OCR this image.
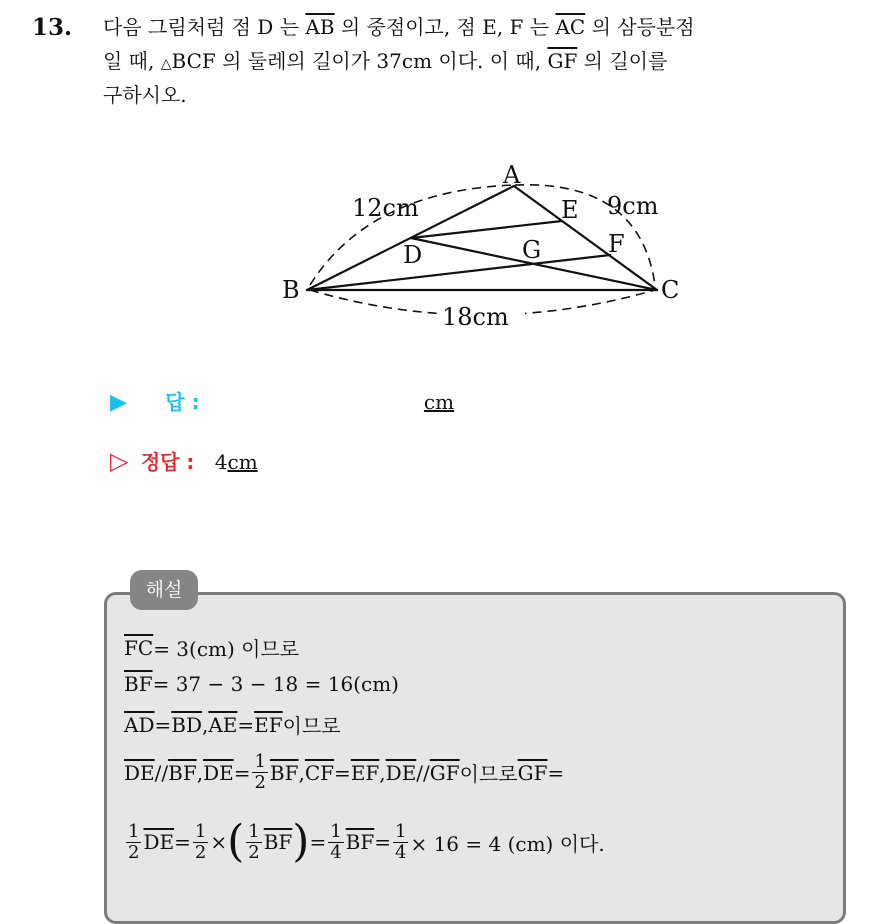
13. 다음 그림처럼 점 D 는 $\overline{AB}$ 의 중점이고, 점 E, F 는 $\overline{AC}$ 의 삼등분점
일 때, △BCF 의 둘레의 길이가 37cm 이다. 이 때, $\overline{GF}$ 의 길이를
구하시오.
A
B	C
D
E
F
G
12cm	9cm
18cm
▶ 답 :	cm
▷ 정답 : 4cm
해설
$\overline{FC} = 3(cm)$ 이므로
$\overline{BF} = 37 - 3 - 18 = 16(cm)$
$\overline{AD} = \overline{BD}$ , $\overline{AE} = \overline{EF}$ 이므로
$\overline{DE} // \overline{BF}$ , $\overline{DE} = \frac{1}{2} \overline{BF}$ , $\overline{CF} = \overline{EF}$ , $\overline{DE} // \overline{GF}$ 이므로 $\overline{GF}$ =
$\frac{1}{2} \overline{DE} = \frac{1}{2}$ × ( $\frac{1}{2} \overline{BF}$ ) = $\frac{1}{4} \overline{BF} = \frac{1}{4} \times 16 = 4$ (cm) 이다.
